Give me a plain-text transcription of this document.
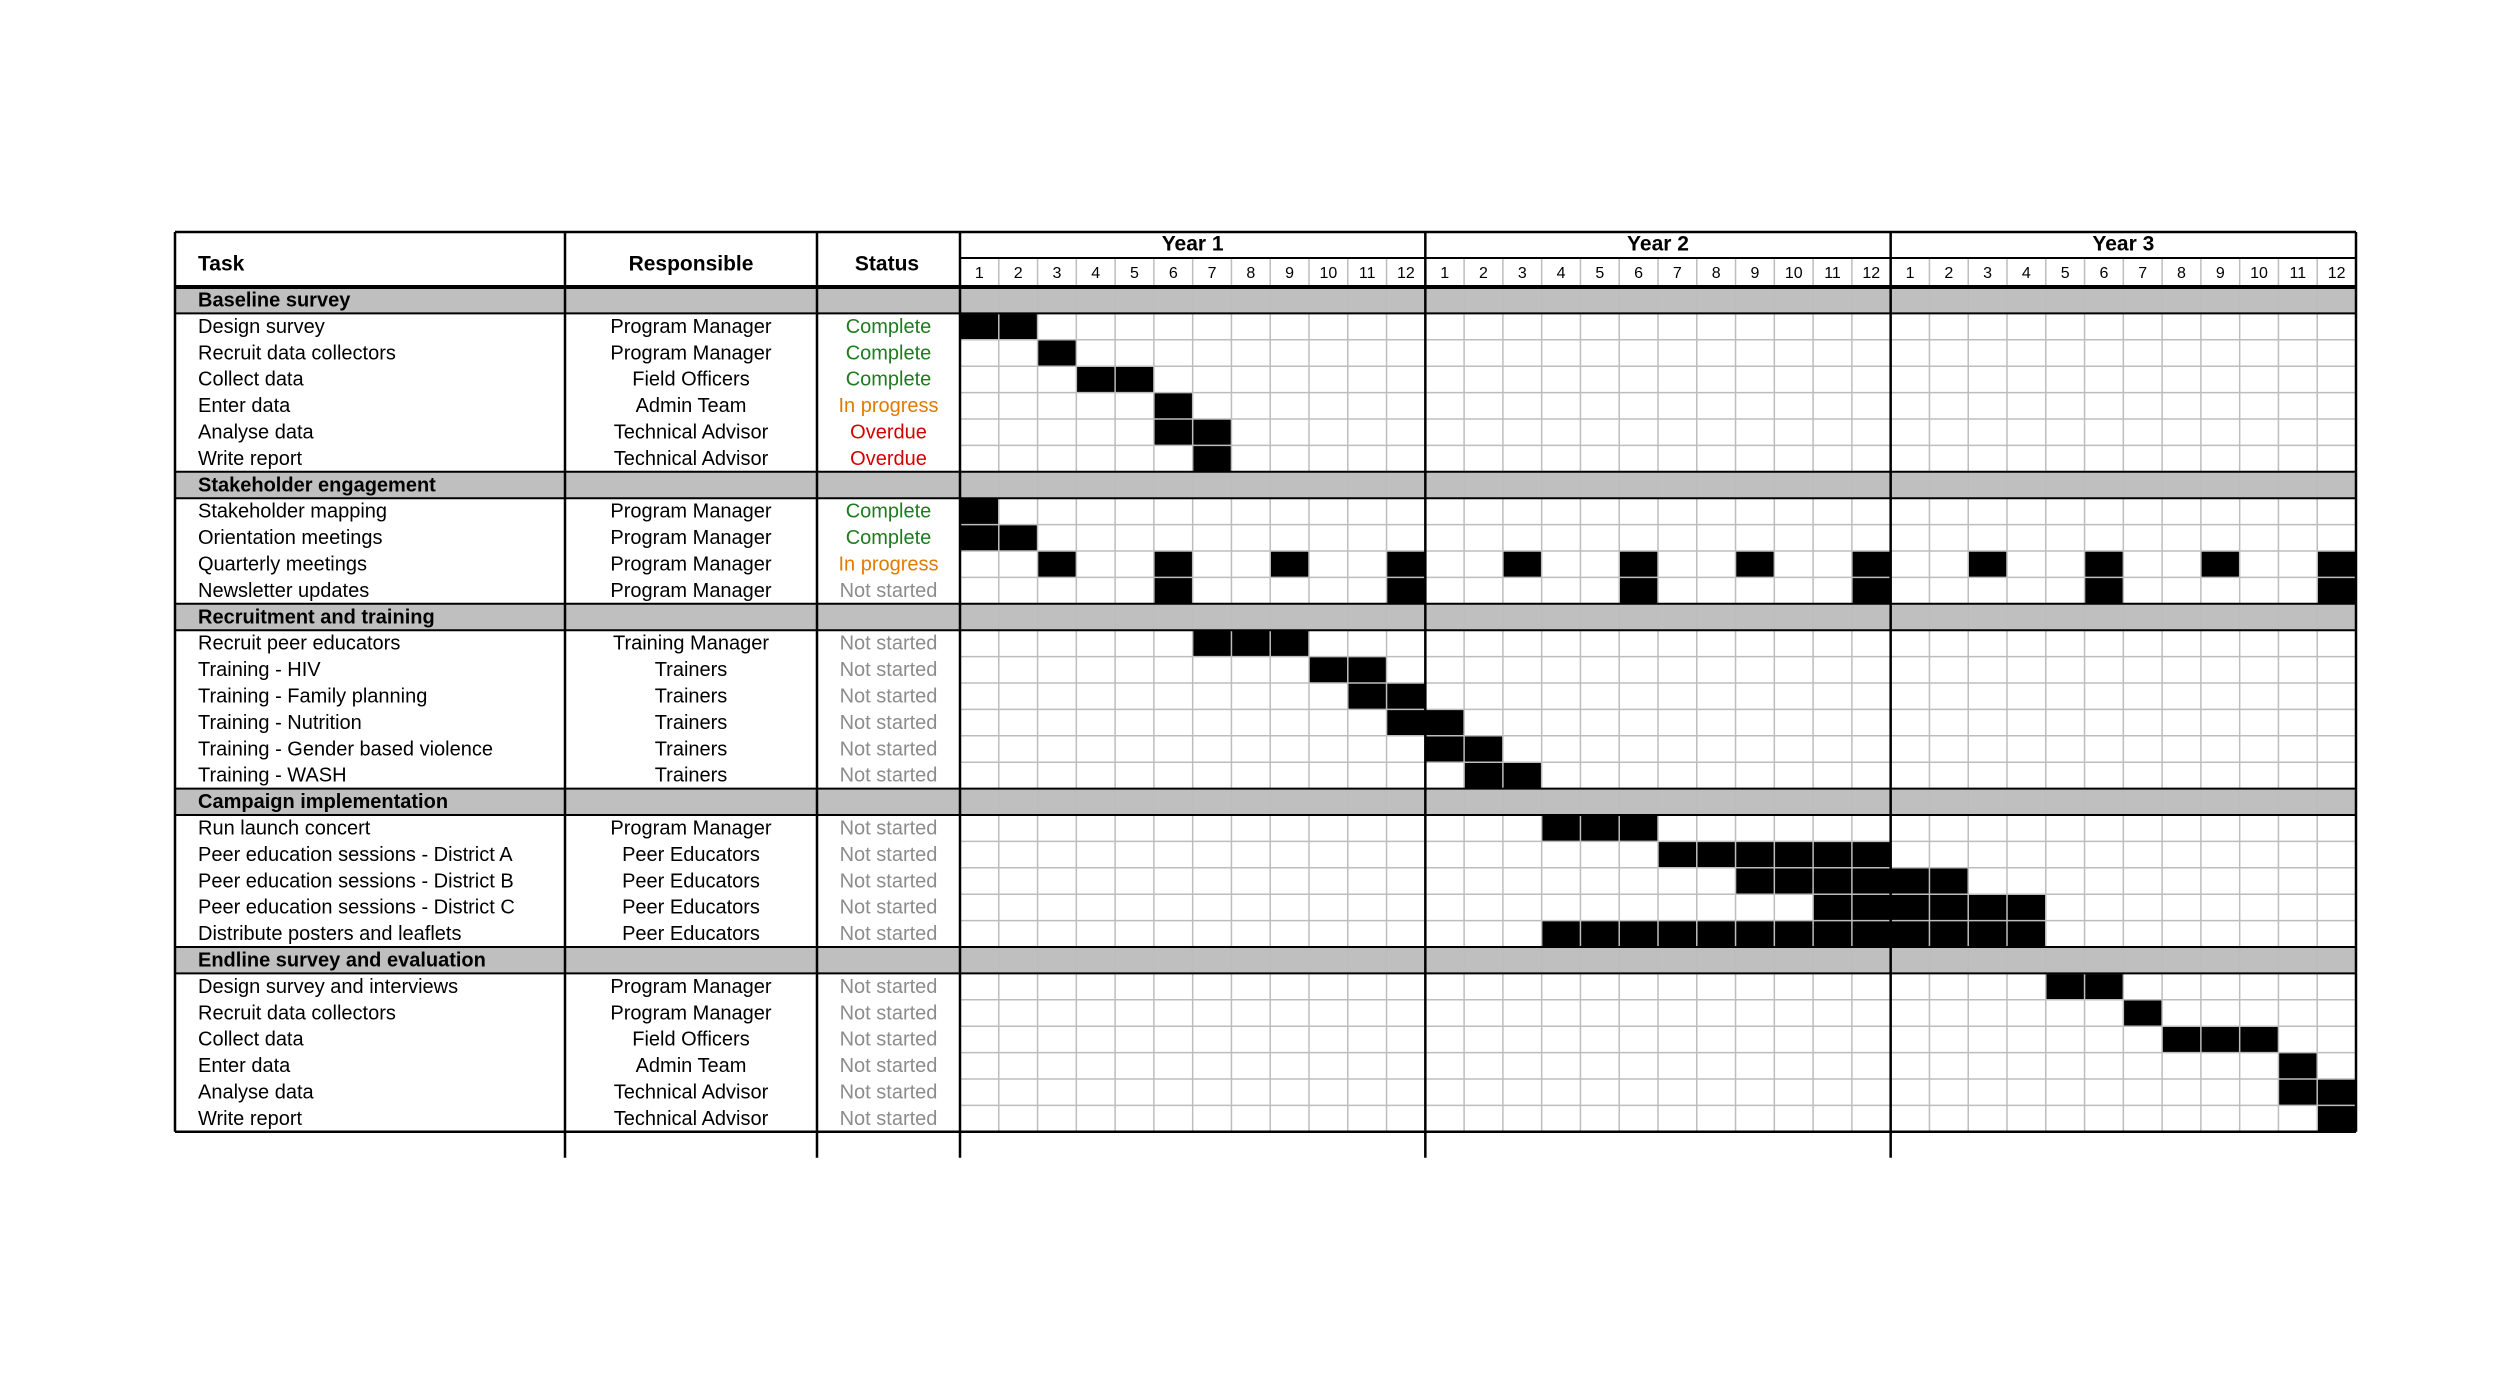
Task	Responsible	Status
Year 1	Year 2	Year 3
1 2 3 4 5 6 7 8 9 10 11 12 1 2 3 4 5 6 7 8 9 10 11 12 1 2 3 4 5 6 7 8 9 10 11 12
Baseline survey
Design survey	Program Manager	Complete
Recruit data collectors	Program Manager	Complete
Collect data	Field Officers	Complete
Enter data	Admin Team	In progress
Analyse data	Technical Advisor	Overdue
Write report	Technical Advisor	Overdue
Stakeholder engagement
Stakeholder mapping	Program Manager	Complete
Orientation meetings	Program Manager	Complete
Quarterly meetings	Program Manager	In progress
Newsletter updates	Program Manager	Not started
Recruitment and training
Recruit peer educators	Training Manager	Not started
Training - HIV	Trainers	Not started
Training - Family planning	Trainers	Not started
Training - Nutrition	Trainers	Not started
Training - Gender based violence	Trainers	Not started
Training - WASH	Trainers	Not started
Campaign implementation
Run launch concert	Program Manager	Not started
Peer education sessions - District A	Peer Educators	Not started
Peer education sessions - District B	Peer Educators	Not started
Peer education sessions - District C	Peer Educators	Not started
Distribute posters and leaflets	Peer Educators	Not started
Endline survey and evaluation
Design survey and interviews	Program Manager	Not started
Recruit data collectors	Program Manager	Not started
Collect data	Field Officers	Not started
Enter data	Admin Team	Not started
Analyse data	Technical Advisor	Not started
Write report	Technical Advisor	Not started
